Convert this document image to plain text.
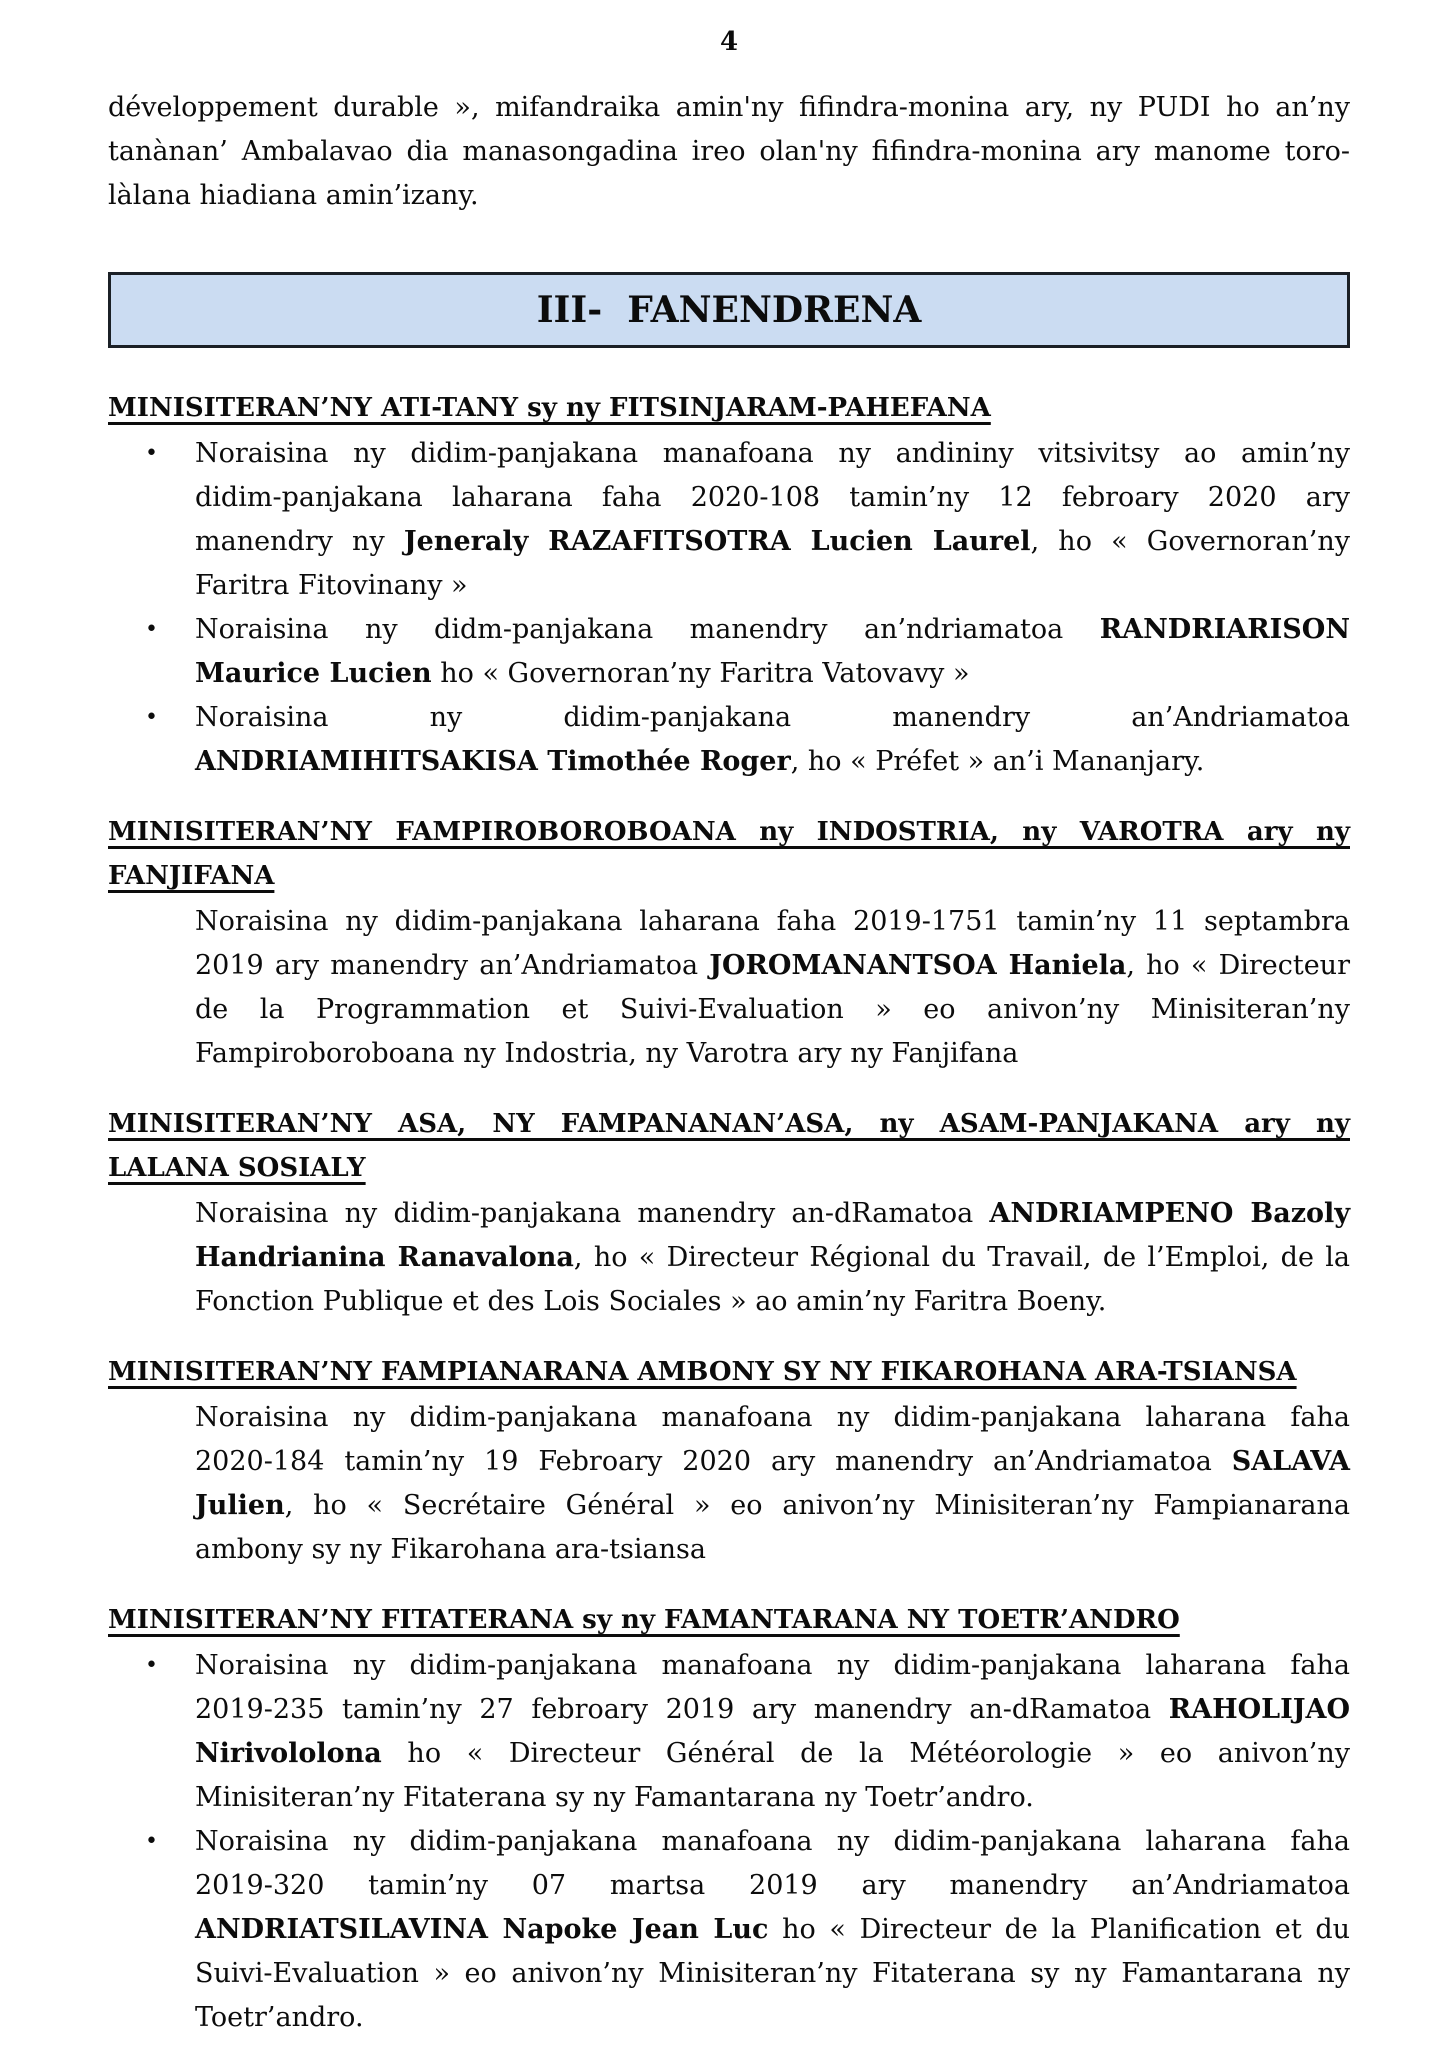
4
développement durable », mifandraika amin'ny fifindra-monina ary, ny PUDI ho an’ny
tanànan’ Ambalavao dia manasongadina ireo olan'ny fifindra-monina ary manome toro-
làlana hiadiana amin’izany.
III-  FANENDRENA
MINISITERAN’NY ATI-TANY sy ny FITSINJARAM-PAHEFANA
•	Noraisina ny didim-panjakana manafoana ny andininy vitsivitsy ao amin’ny
didim-panjakana laharana faha 2020-108 tamin’ny 12 febroary 2020 ary
manendry ny Jeneraly RAZAFITSOTRA Lucien Laurel, ho « Governoran’ny
Faritra Fitovinany »
•	Noraisina ny didm-panjakana manendry an’ndriamatoa RANDRIARISON
Maurice Lucien ho « Governoran’ny Faritra Vatovavy »
•	Noraisina ny didim-panjakana manendry an’Andriamatoa
ANDRIAMIHITSAKISA Timothée Roger, ho « Préfet » an’i Mananjary.
MINISITERAN’NY FAMPIROBOROBOANA ny INDOSTRIA, ny VAROTRA ary ny
FANJIFANA
Noraisina ny didim-panjakana laharana faha 2019-1751 tamin’ny 11 septambra
2019 ary manendry an’Andriamatoa JOROMANANTSOA Haniela, ho « Directeur
de la Programmation et Suivi-Evaluation » eo anivon’ny Minisiteran’ny
Fampiroboroboana ny Indostria, ny Varotra ary ny Fanjifana
MINISITERAN’NY ASA, NY FAMPANANAN’ASA, ny ASAM-PANJAKANA ary ny
LALANA SOSIALY
Noraisina ny didim-panjakana manendry an-dRamatoa ANDRIAMPENO Bazoly
Handrianina Ranavalona, ho « Directeur Régional du Travail, de l’Emploi, de la
Fonction Publique et des Lois Sociales » ao amin’ny Faritra Boeny.
MINISITERAN’NY FAMPIANARANA AMBONY SY NY FIKAROHANA ARA-TSIANSA
Noraisina ny didim-panjakana manafoana ny didim-panjakana laharana faha
2020-184 tamin’ny 19 Febroary 2020 ary manendry an’Andriamatoa SALAVA
Julien, ho « Secrétaire Général » eo anivon’ny Minisiteran’ny Fampianarana
ambony sy ny Fikarohana ara-tsiansa
MINISITERAN’NY FITATERANA sy ny FAMANTARANA NY TOETR’ANDRO
•	Noraisina ny didim-panjakana manafoana ny didim-panjakana laharana faha
2019-235 tamin’ny 27 febroary 2019 ary manendry an-dRamatoa RAHOLIJAO
Nirivololona ho « Directeur Général de la Météorologie » eo anivon’ny
Minisiteran’ny Fitaterana sy ny Famantarana ny Toetr’andro.
•	Noraisina ny didim-panjakana manafoana ny didim-panjakana laharana faha
2019-320 tamin’ny 07 martsa 2019 ary manendry an’Andriamatoa
ANDRIATSILAVINA Napoke Jean Luc ho « Directeur de la Planification et du
Suivi-Evaluation » eo anivon’ny Minisiteran’ny Fitaterana sy ny Famantarana ny
Toetr’andro.
